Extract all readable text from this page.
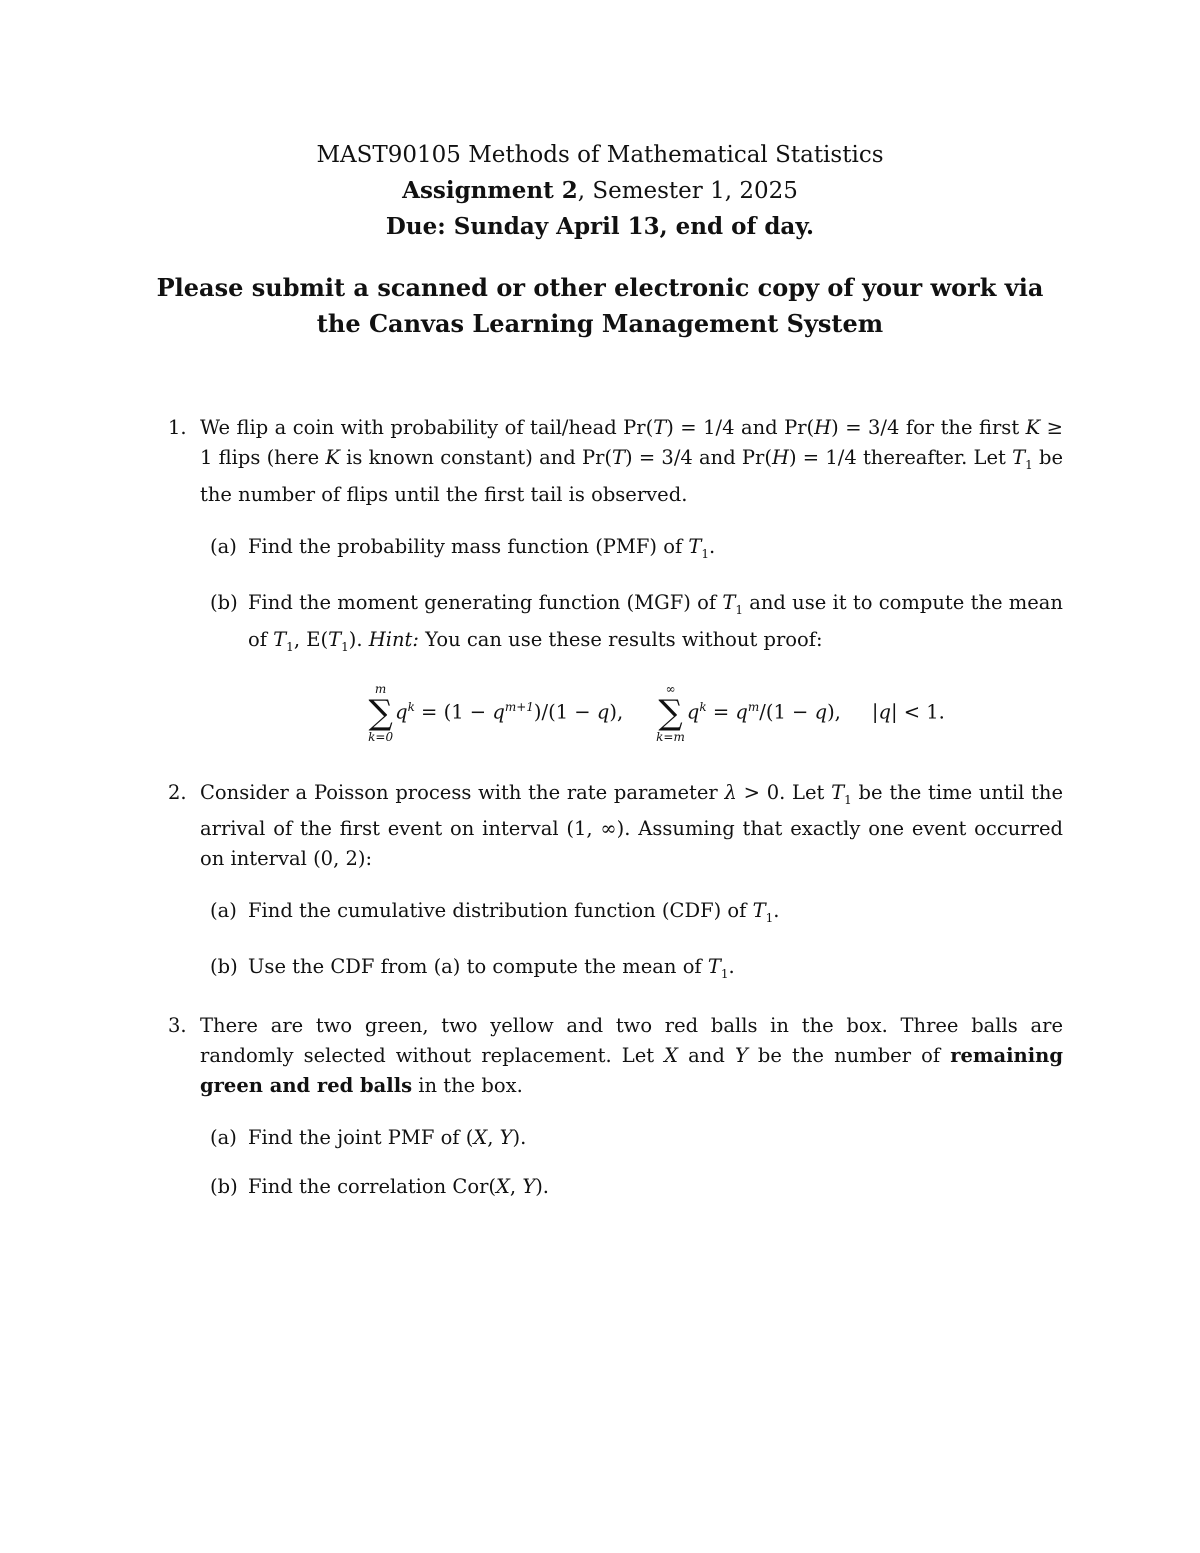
MAST90105 Methods of Mathematical Statistics
Assignment 2, Semester 1, 2025
Due: Sunday April 13, end of day.
Please submit a scanned or other electronic copy of your work via
the Canvas Learning Management System
1. We flip a coin with probability of tail/head Pr(T) = 1/4 and Pr(H) = 3/4 for the first K ≥ 1 flips (here K is known constant) and Pr(T) = 3/4 and Pr(H) = 1/4 thereafter. Let $T_1$ be the number of flips until the first tail is observed.
(a) Find the probability mass function (PMF) of $T_1$.
(b) Find the moment generating function (MGF) of $T_1$ and use it to compute the mean of $T_1$, $E(T_1)$. Hint: You can use these results without proof:
m
∑
k=0
$q^k = (1 - q^{m+1})/(1 - q)$,
∞
∑
k=m
$q^k = q^m/(1 - q)$, |q| < 1.
2. Consider a Poisson process with the rate parameter λ > 0. Let $T_1$ be the time until the arrival of the first event on interval (1, ∞). Assuming that exactly one event occurred on interval (0, 2):
(a) Find the cumulative distribution function (CDF) of $T_1$.
(b) Use the CDF from (a) to compute the mean of $T_1$.
3. There are two green, two yellow and two red balls in the box. Three balls are randomly selected without replacement. Let X and Y be the number of remaining green and red balls in the box.
(a) Find the joint PMF of (X, Y).
(b) Find the correlation Cor(X, Y).
